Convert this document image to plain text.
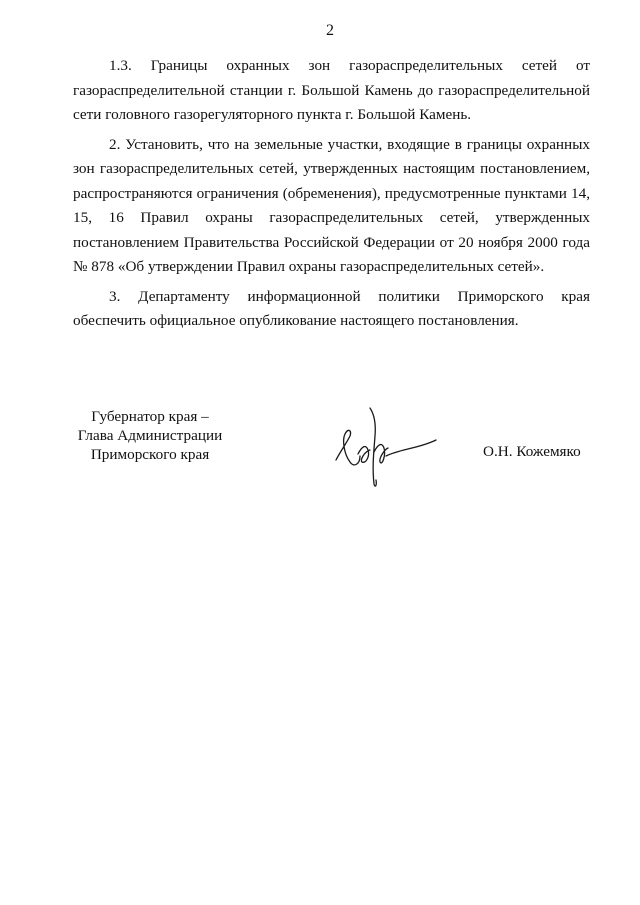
2

1.3. Границы охранных зон газораспределительных сетей от газораспределительной станции г. Большой Камень до газораспределительной сети головного газорегуляторного пункта г. Большой Камень.

2. Установить, что на земельные участки, входящие в границы охранных зон газораспределительных сетей, утвержденных настоящим постановлением, распространяются ограничения (обременения), предусмотренные пунктами 14, 15, 16 Правил охраны газораспределительных сетей, утвержденных постановлением Правительства Российской Федерации от 20 ноября 2000 года № 878 «Об утверждении Правил охраны газораспределительных сетей».

3. Департаменту информационной политики Приморского края обеспечить официальное опубликование настоящего постановления.

Губернатор края –
Глава Администрации
Приморского края	О.Н. Кожемяко
